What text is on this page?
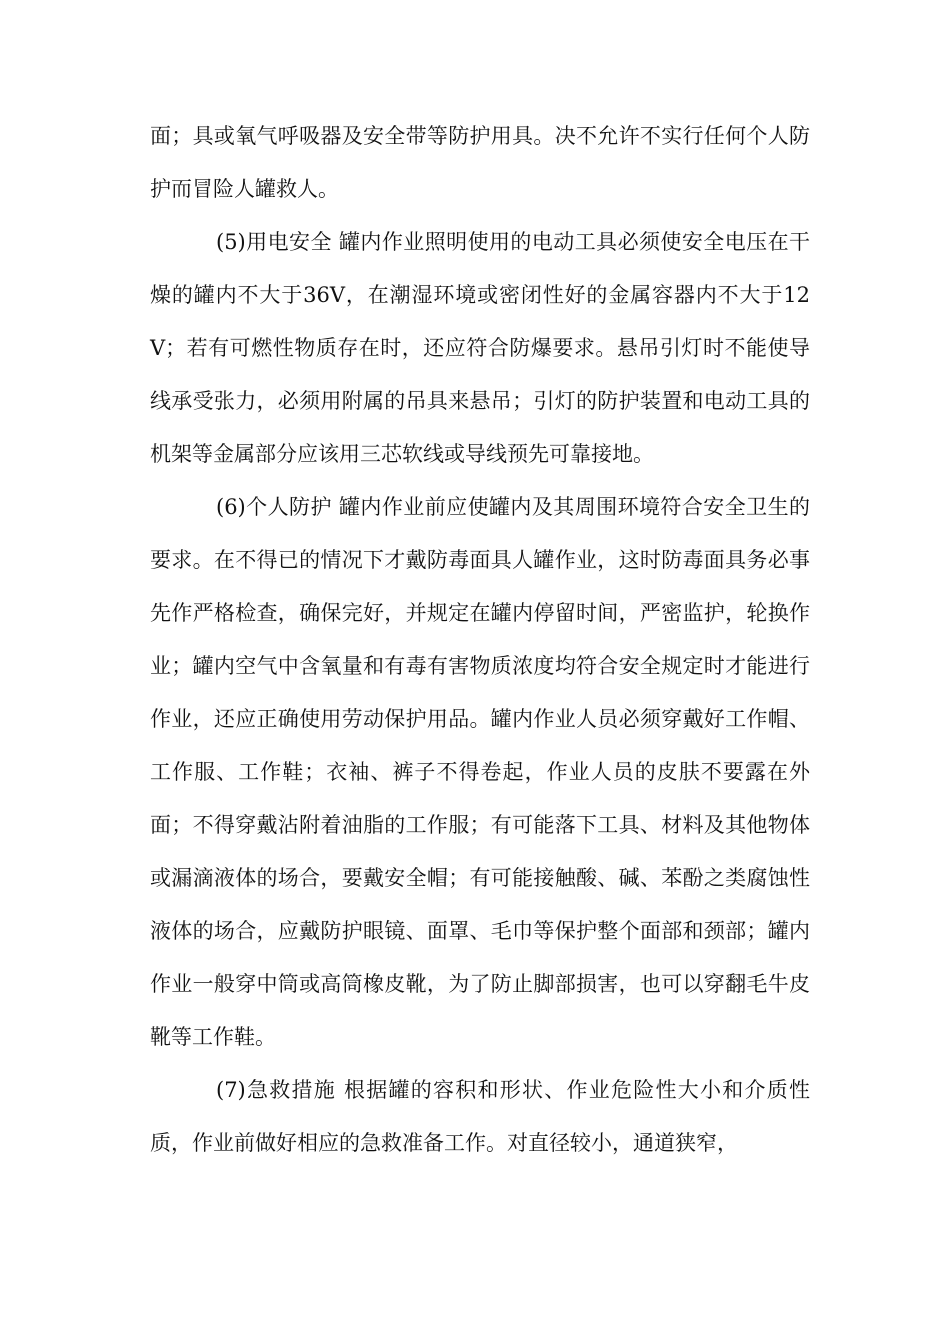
面；具或氧气呼吸器及安全带等防护用具。决不允许不实行任何个人防护而冒险人罐救人。

(5)用电安全 罐内作业照明使用的电动工具必须使安全电压在干燥的罐内不大于36V，在潮湿环境或密闭性好的金属容器内不大于12V；若有可燃性物质存在时，还应符合防爆要求。悬吊引灯时不能使导线承受张力，必须用附属的吊具来悬吊；引灯的防护装置和电动工具的机架等金属部分应该用三芯软线或导线预先可靠接地。

(6)个人防护 罐内作业前应使罐内及其周围环境符合安全卫生的要求。在不得已的情况下才戴防毒面具人罐作业，这时防毒面具务必事先作严格检查，确保完好，并规定在罐内停留时间，严密监护，轮换作业；罐内空气中含氧量和有毒有害物质浓度均符合安全规定时才能进行作业，还应正确使用劳动保护用品。罐内作业人员必须穿戴好工作帽、工作服、工作鞋；衣袖、裤子不得卷起，作业人员的皮肤不要露在外面；不得穿戴沾附着油脂的工作服；有可能落下工具、材料及其他物体或漏滴液体的场合，要戴安全帽；有可能接触酸、碱、苯酚之类腐蚀性液体的场合，应戴防护眼镜、面罩、毛巾等保护整个面部和颈部；罐内作业一般穿中筒或高筒橡皮靴，为了防止脚部损害，也可以穿翻毛牛皮靴等工作鞋。

(7)急救措施 根据罐的容积和形状、作业危险性大小和介质性质，作业前做好相应的急救准备工作。对直径较小，通道狭窄，
